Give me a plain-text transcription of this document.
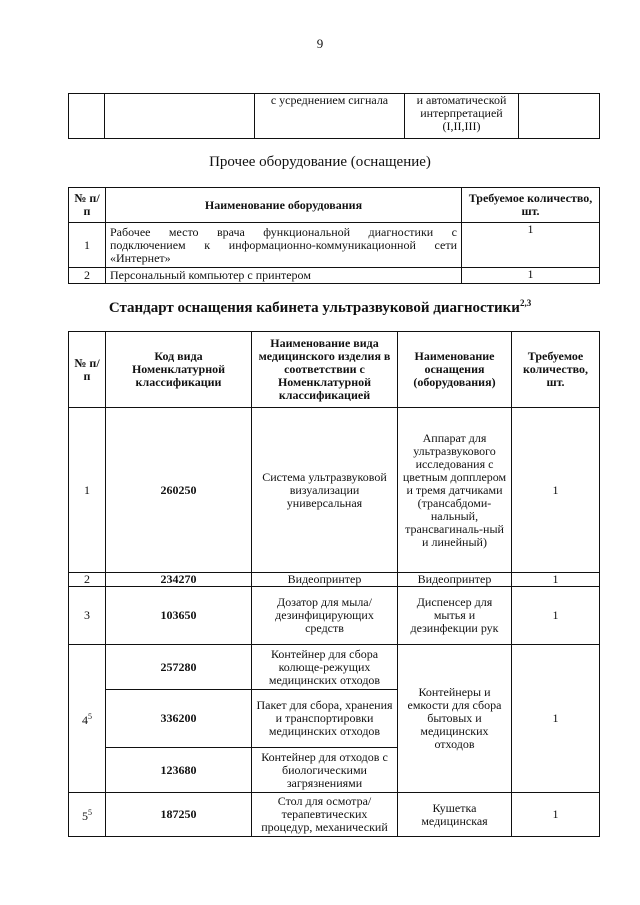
9
		с усреднением сигнала	и автоматической интерпретацией (I,II,III)	
Прочее оборудование (оснащение)
№ п/п	Наименование оборудования	Требуемое количество, шт.
1	Рабочее место врача функциональной диагностики с подключением к информационно-коммуникационной сети «Интернет»	1
2	Персональный компьютер с принтером	1
Стандарт оснащения кабинета ультразвуковой диагностики$^{2,3}$
№ п/п	Код вида Номенклатурной классификации	Наименование вида медицинского изделия в соответствии с Номенклатурной классификацией	Наименование оснащения (оборудования)	Требуемое количество, шт.
1	260250	Система ультразвуковой визуализации универсальная	Аппарат для ультразвукового исследования с цветным допплером и тремя датчиками (трансабдоми-нальный, трансвагиналь-ный и линейный)	1
2	234270	Видеопринтер	Видеопринтер	1
3	103650	Дозатор для мыла/ дезинфицирующих средств	Диспенсер для мытья и дезинфекции рук	1
$4^5$	257280	Контейнер для сбора колюще-режущих медицинских отходов	Контейнеры и емкости для сбора бытовых и медицинских отходов	1
	336200	Пакет для сбора, хранения и транспортировки медицинских отходов		
	123680	Контейнер для отходов с биологическими загрязнениями		
$5^5$	187250	Стол для осмотра/терапевтических процедур, механический	Кушетка медицинская	1
